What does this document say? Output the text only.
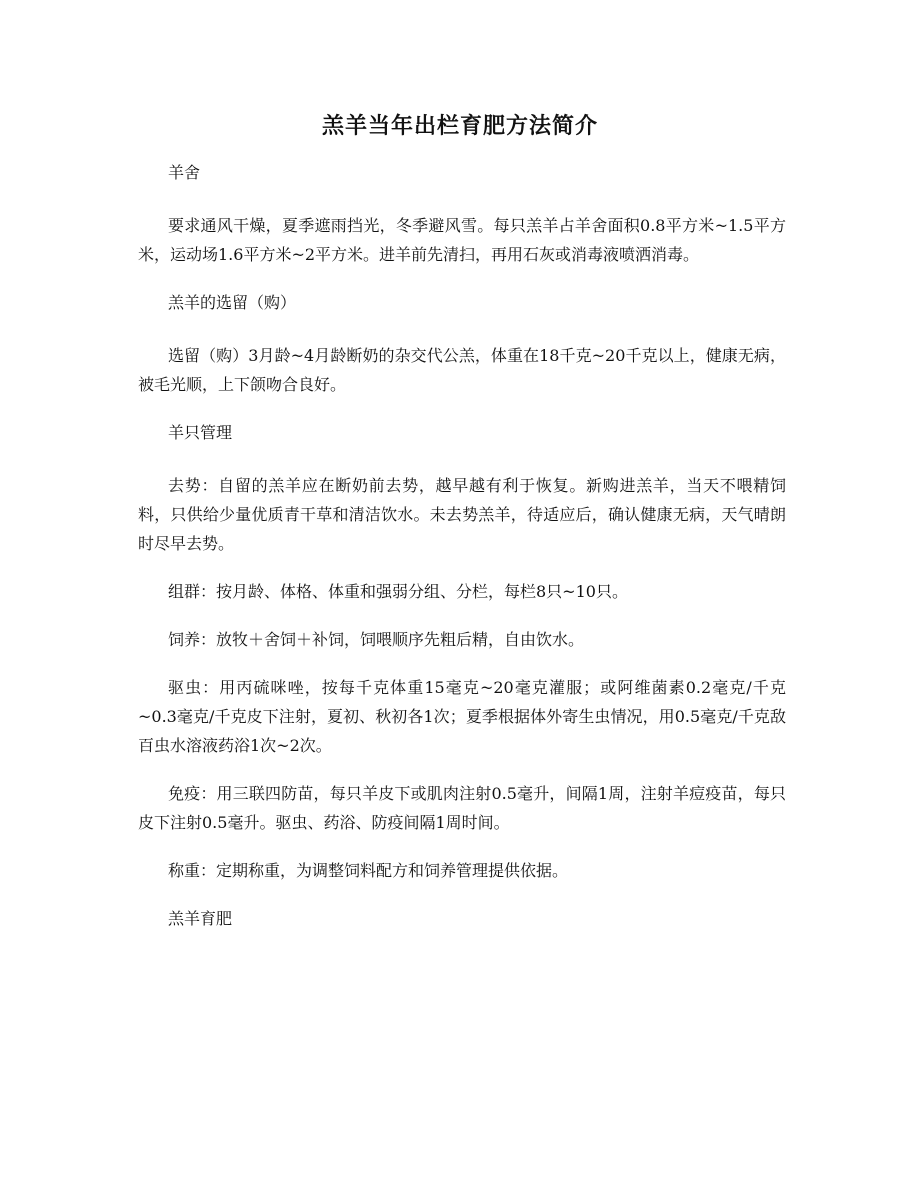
羔羊当年出栏育肥方法简介

羊舍

要求通风干燥，夏季遮雨挡光，冬季避风雪。每只羔羊占羊舍面积0.8平方米~1.5平方米，运动场1.6平方米~2平方米。进羊前先清扫，再用石灰或消毒液喷洒消毒。

羔羊的选留（购）

选留（购）3月龄~4月龄断奶的杂交代公羔，体重在18千克~20千克以上，健康无病，被毛光顺，上下颌吻合良好。

羊只管理

去势：自留的羔羊应在断奶前去势，越早越有利于恢复。新购进羔羊，当天不喂精饲料，只供给少量优质青干草和清洁饮水。未去势羔羊，待适应后，确认健康无病，天气晴朗时尽早去势。

组群：按月龄、体格、体重和强弱分组、分栏，每栏8只~10只。

饲养：放牧＋舍饲＋补饲，饲喂顺序先粗后精，自由饮水。

驱虫：用丙硫咪唑，按每千克体重15毫克~20毫克灌服；或阿维菌素0.2毫克/千克~0.3毫克/千克皮下注射，夏初、秋初各1次；夏季根据体外寄生虫情况，用0.5毫克/千克敌百虫水溶液药浴1次~2次。

免疫：用三联四防苗，每只羊皮下或肌肉注射0.5毫升，间隔1周，注射羊痘疫苗，每只皮下注射0.5毫升。驱虫、药浴、防疫间隔1周时间。

称重：定期称重，为调整饲料配方和饲养管理提供依据。

羔羊育肥
